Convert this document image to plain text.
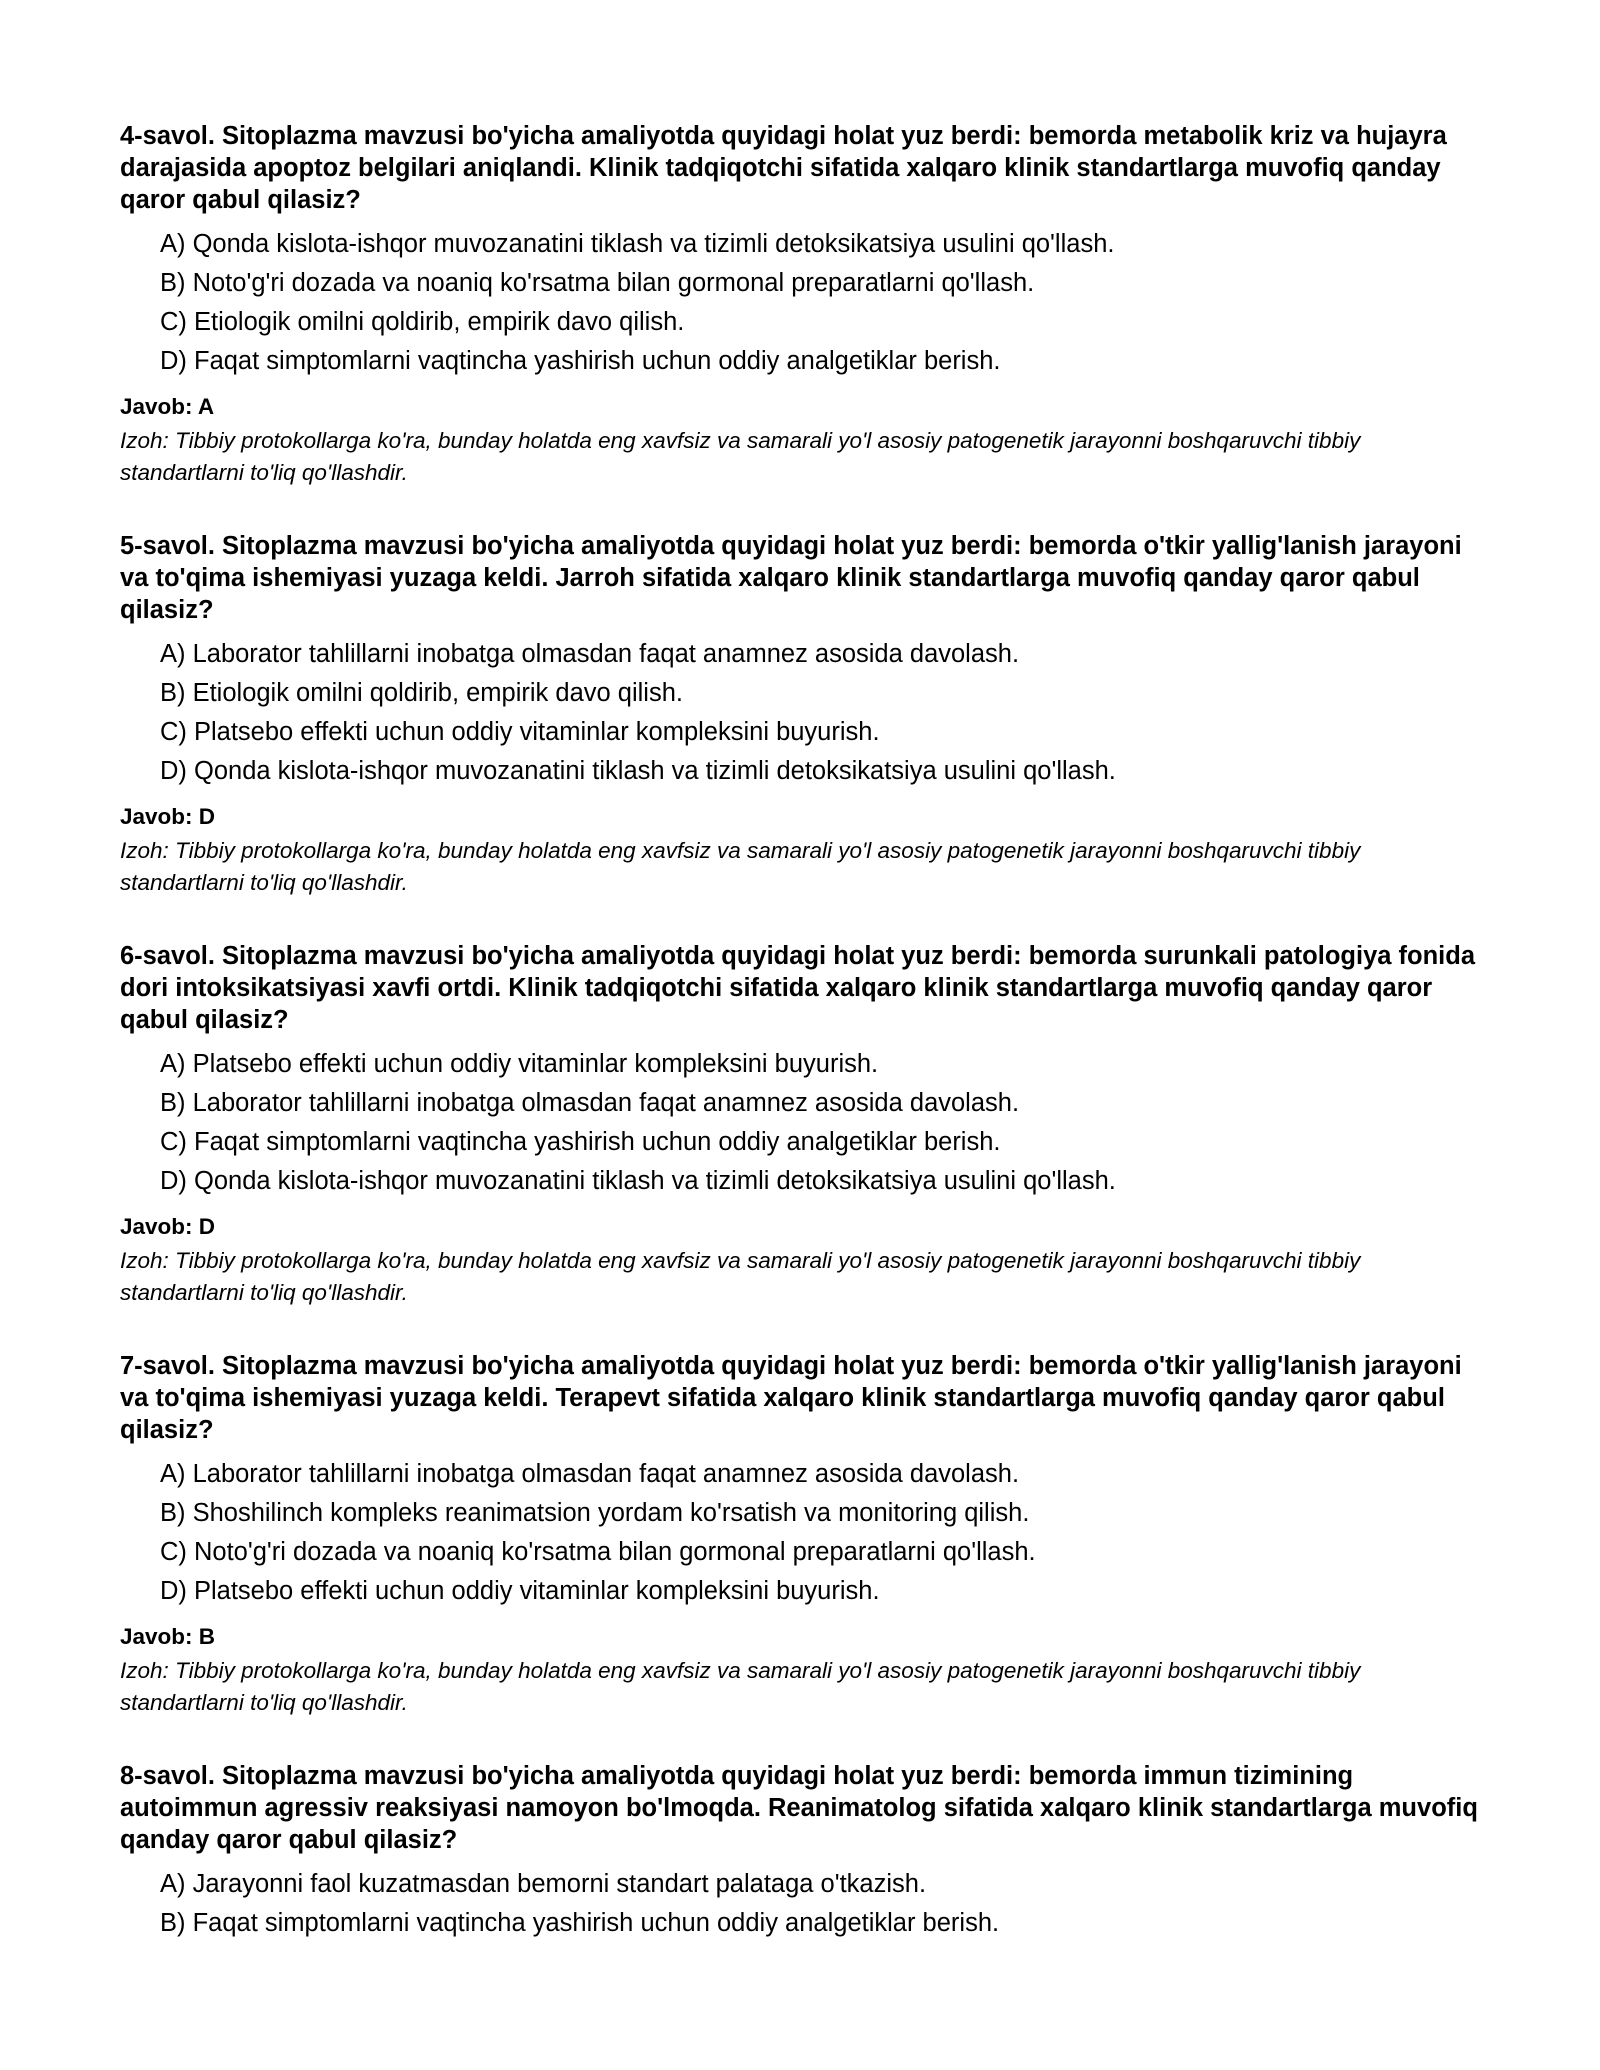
4-savol. Sitoplazma mavzusi bo'yicha amaliyotda quyidagi holat yuz berdi: bemorda metabolik kriz va hujayra darajasida apoptoz belgilari aniqlandi. Klinik tadqiqotchi sifatida xalqaro klinik standartlarga muvofiq qanday qaror qabul qilasiz?

A) Qonda kislota-ishqor muvozanatini tiklash va tizimli detoksikatsiya usulini qo'llash.
B) Noto'g'ri dozada va noaniq ko'rsatma bilan gormonal preparatlarni qo'llash.
C) Etiologik omilni qoldirib, empirik davo qilish.
D) Faqat simptomlarni vaqtincha yashirish uchun oddiy analgetiklar berish.

Javob: A

Izoh: Tibbiy protokollarga ko'ra, bunday holatda eng xavfsiz va samarali yo'l asosiy patogenetik jarayonni boshqaruvchi tibbiy standartlarni to'liq qo'llashdir.

5-savol. Sitoplazma mavzusi bo'yicha amaliyotda quyidagi holat yuz berdi: bemorda o'tkir yallig'lanish jarayoni va to'qima ishemiyasi yuzaga keldi. Jarroh sifatida xalqaro klinik standartlarga muvofiq qanday qaror qabul qilasiz?

A) Laborator tahlillarni inobatga olmasdan faqat anamnez asosida davolash.
B) Etiologik omilni qoldirib, empirik davo qilish.
C) Platsebo effekti uchun oddiy vitaminlar kompleksini buyurish.
D) Qonda kislota-ishqor muvozanatini tiklash va tizimli detoksikatsiya usulini qo'llash.

Javob: D

Izoh: Tibbiy protokollarga ko'ra, bunday holatda eng xavfsiz va samarali yo'l asosiy patogenetik jarayonni boshqaruvchi tibbiy standartlarni to'liq qo'llashdir.

6-savol. Sitoplazma mavzusi bo'yicha amaliyotda quyidagi holat yuz berdi: bemorda surunkali patologiya fonida dori intoksikatsiyasi xavfi ortdi. Klinik tadqiqotchi sifatida xalqaro klinik standartlarga muvofiq qanday qaror qabul qilasiz?

A) Platsebo effekti uchun oddiy vitaminlar kompleksini buyurish.
B) Laborator tahlillarni inobatga olmasdan faqat anamnez asosida davolash.
C) Faqat simptomlarni vaqtincha yashirish uchun oddiy analgetiklar berish.
D) Qonda kislota-ishqor muvozanatini tiklash va tizimli detoksikatsiya usulini qo'llash.

Javob: D

Izoh: Tibbiy protokollarga ko'ra, bunday holatda eng xavfsiz va samarali yo'l asosiy patogenetik jarayonni boshqaruvchi tibbiy standartlarni to'liq qo'llashdir.

7-savol. Sitoplazma mavzusi bo'yicha amaliyotda quyidagi holat yuz berdi: bemorda o'tkir yallig'lanish jarayoni va to'qima ishemiyasi yuzaga keldi. Terapevt sifatida xalqaro klinik standartlarga muvofiq qanday qaror qabul qilasiz?

A) Laborator tahlillarni inobatga olmasdan faqat anamnez asosida davolash.
B) Shoshilinch kompleks reanimatsion yordam ko'rsatish va monitoring qilish.
C) Noto'g'ri dozada va noaniq ko'rsatma bilan gormonal preparatlarni qo'llash.
D) Platsebo effekti uchun oddiy vitaminlar kompleksini buyurish.

Javob: B

Izoh: Tibbiy protokollarga ko'ra, bunday holatda eng xavfsiz va samarali yo'l asosiy patogenetik jarayonni boshqaruvchi tibbiy standartlarni to'liq qo'llashdir.

8-savol. Sitoplazma mavzusi bo'yicha amaliyotda quyidagi holat yuz berdi: bemorda immun tizimining autoimmun agressiv reaksiyasi namoyon bo'lmoqda. Reanimatolog sifatida xalqaro klinik standartlarga muvofiq qanday qaror qabul qilasiz?

A) Jarayonni faol kuzatmasdan bemorni standart palataga o'tkazish.
B) Faqat simptomlarni vaqtincha yashirish uchun oddiy analgetiklar berish.
